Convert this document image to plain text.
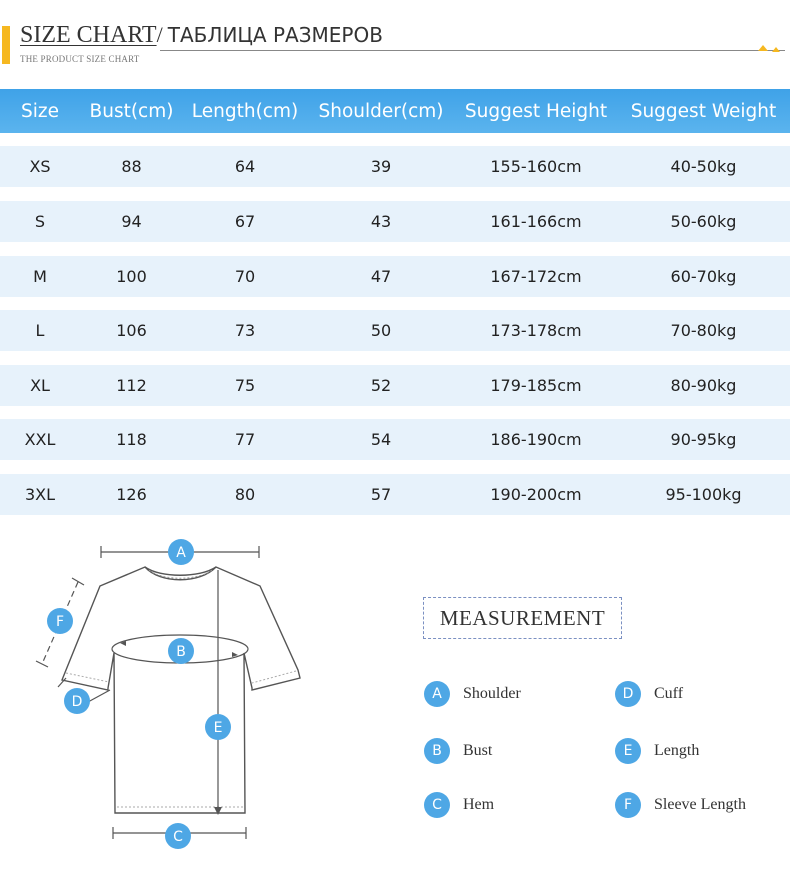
SIZE CHART/ ТАБЛИЦА РАЗМЕРОВ
THE PRODUCT SIZE CHART
Size	Bust(cm) Length(cm)	Shoulder(cm)	Suggest Height	Suggest Weight
XS	88	64	39	155-160cm	40-50kg
S	94	67	43	161-166cm	50-60kg
M	100	70	47	167-172cm	60-70kg
L	106	73	50	173-178cm	70-80kg
XL	112	75	52	179-185cm	80-90kg
XXL	118	77	54	186-190cm	90-95kg
3XL	126	80	57	190-200cm	95-100kg
A
B
C
D
E
F	MEASUREMENT
A	Shoulder
B	Bust
C	Hem
D	Cuff
E	Length
F	Sleeve Length
